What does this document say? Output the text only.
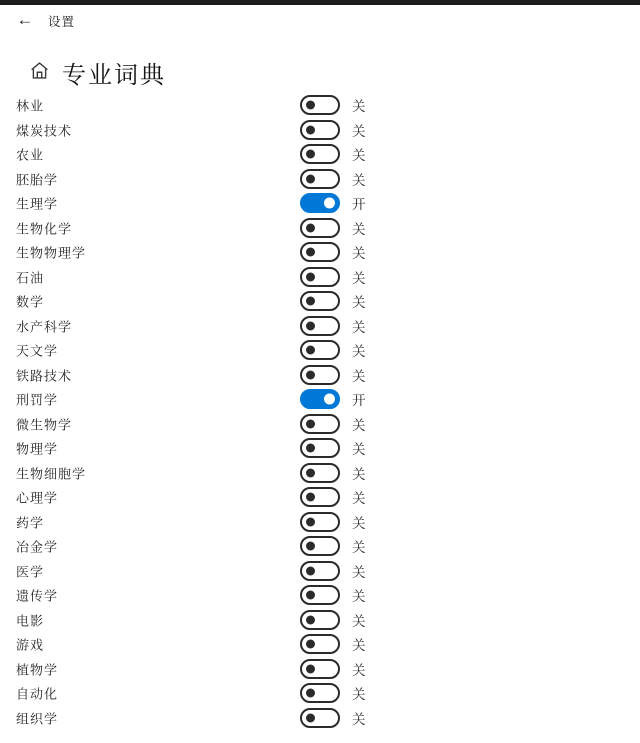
← 设置
专业词典
林业	关
煤炭技术	关
农业	关
胚胎学	关
生理学	开
生物化学	关
生物物理学	关
石油	关
数学	关
水产科学	关
天文学	关
铁路技术	关
刑罚学	开
微生物学	关
物理学	关
生物细胞学	关
心理学	关
药学	关
冶金学	关
医学	关
遗传学	关
电影	关
游戏	关
植物学	关
自动化	关
组织学	关
